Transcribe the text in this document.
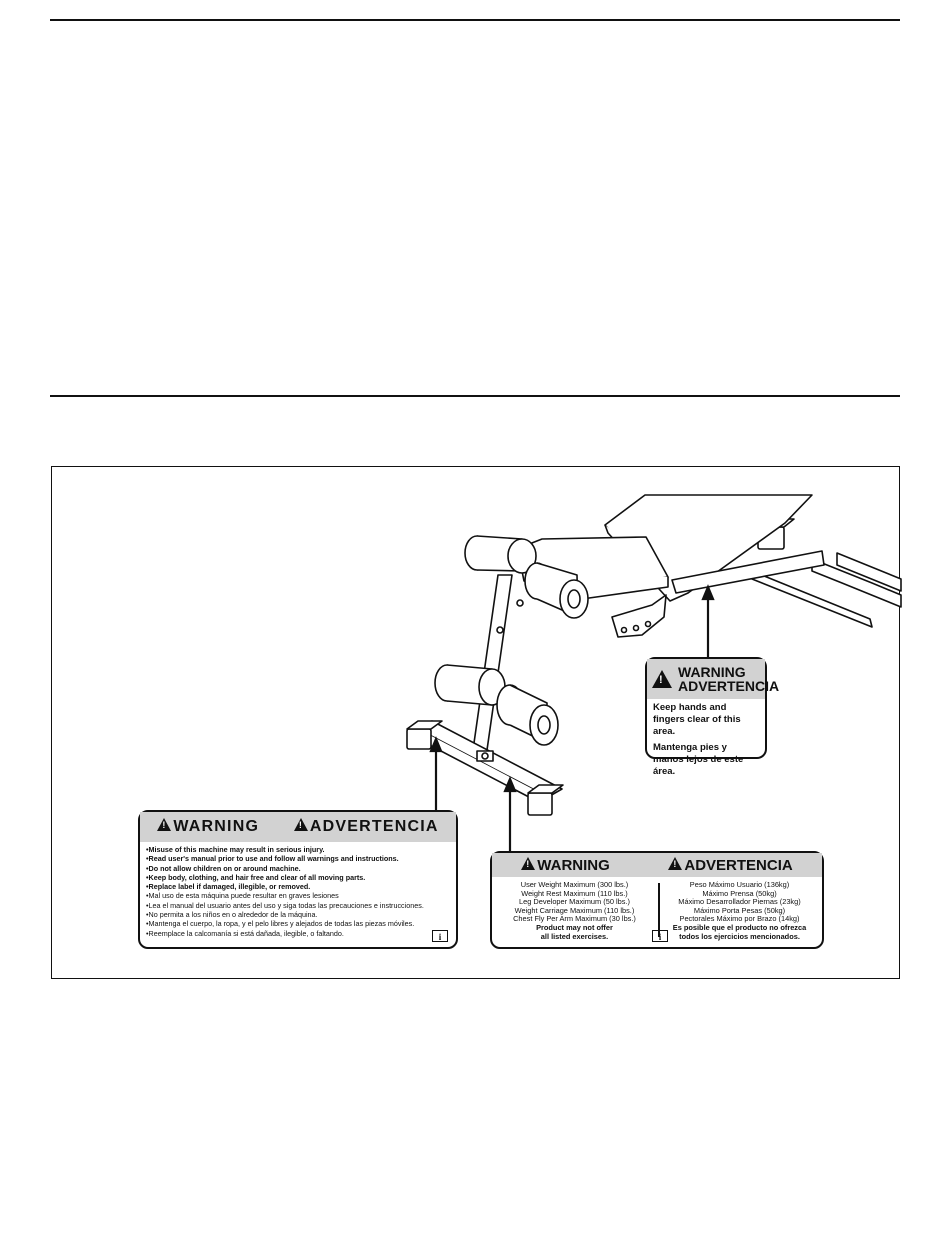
!
WARNING
ADVERTENCIA

Keep hands and fingers clear of this area.

Mantenga pies y manos lejos de este área.

!WARNING !	ADVERTENCIA
• Misuse of this machine may result in serious injury.
• Read user's manual prior to use and follow all warnings and instructions.
• Do not allow children on or around machine.
• Keep body, clothing, and hair free and clear of all moving parts.
• Replace label if damaged, illegible, or removed.
• Mal uso de esta máquina puede resultar en graves lesiones
• Lea el manual del usuario antes del uso y siga todas las precauciones e instrucciones.
• No permita a los niños en o alrededor de la máquina.
• Mantenga el cuerpo, la ropa, y el pelo libres y alejados de todas las piezas móviles.
• Reemplace la calcomanía si está dañada, ilegible, o faltando.	i
!WARNING !	ADVERTENCIA
User Weight Maximum (300 lbs.)
Weight Rest Maximum (110 lbs.)
Leg Developer Maximum (50 lbs.)
Weight Carriage Maximum (110 lbs.)
Chest Fly Per Arm Maximum (30 lbs.)
Product may not offer
all listed exercises.
Peso Máximo Usuario (136kg)
Máximo Prensa (50kg)
Máximo Desarrollador Piernas (23kg)
Máximo Porta Pesas (50kg)
Pectorales Máximo por Brazo (14kg)
Es posible que el producto no ofrezca
todos los ejercicios mencionados.
i
